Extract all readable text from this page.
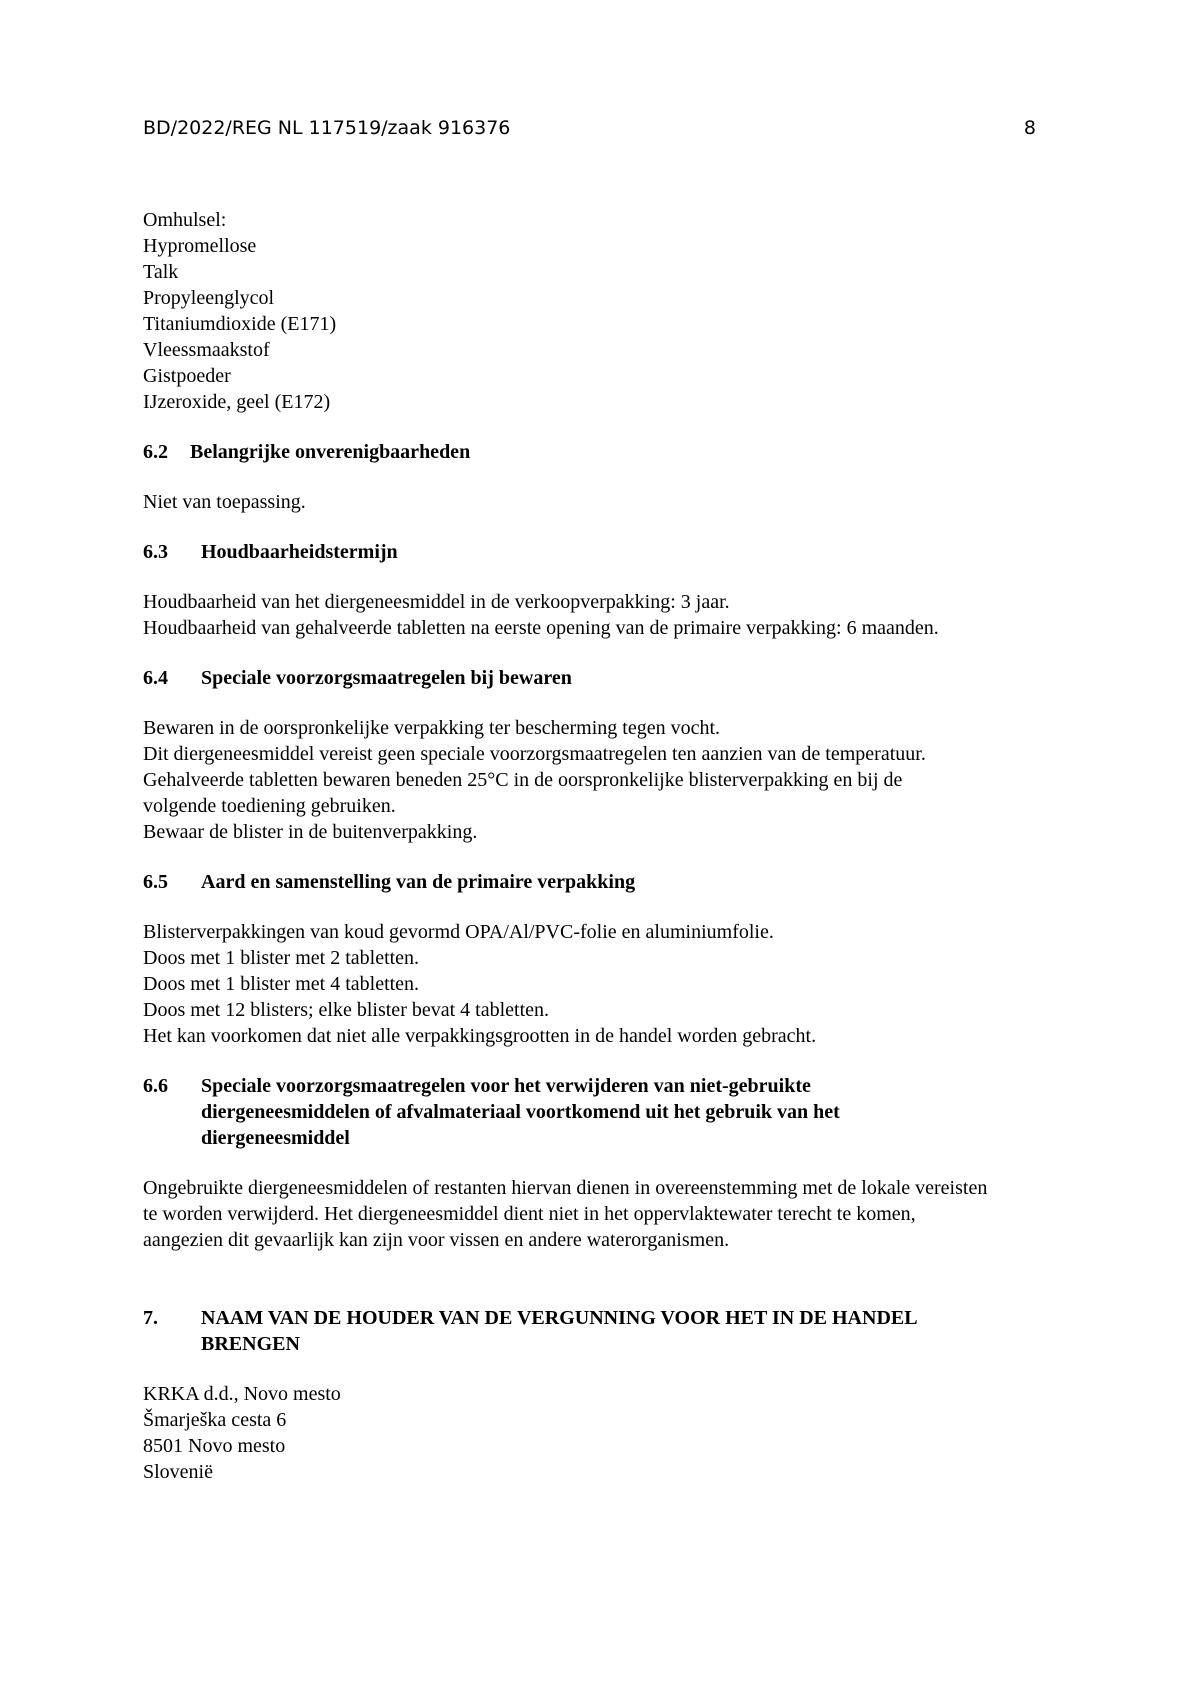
BD/2022/REG NL 117519/zaak 916376	8

Omhulsel:
Hypromellose
Talk
Propyleenglycol
Titaniumdioxide (E171)
Vleessmaakstof
Gistpoeder
IJzeroxide, geel (E172)

6.2	Belangrijke onverenigbaarheden

Niet van toepassing.

6.3	Houdbaarheidstermijn

Houdbaarheid van het diergeneesmiddel in de verkoopverpakking: 3 jaar.
Houdbaarheid van gehalveerde tabletten na eerste opening van de primaire verpakking: 6 maanden.

6.4	Speciale voorzorgsmaatregelen bij bewaren

Bewaren in de oorspronkelijke verpakking ter bescherming tegen vocht.
Dit diergeneesmiddel vereist geen speciale voorzorgsmaatregelen ten aanzien van de temperatuur.
Gehalveerde tabletten bewaren beneden 25°C in de oorspronkelijke blisterverpakking en bij de
volgende toediening gebruiken.
Bewaar de blister in de buitenverpakking.

6.5	Aard en samenstelling van de primaire verpakking

Blisterverpakkingen van koud gevormd OPA/Al/PVC-folie en aluminiumfolie.
Doos met 1 blister met 2 tabletten.
Doos met 1 blister met 4 tabletten.
Doos met 12 blisters; elke blister bevat 4 tabletten.
Het kan voorkomen dat niet alle verpakkingsgrootten in de handel worden gebracht.

6.6	Speciale voorzorgsmaatregelen voor het verwijderen van niet-gebruikte
diergeneesmiddelen of afvalmateriaal voortkomend uit het gebruik van het
diergeneesmiddel

Ongebruikte diergeneesmiddelen of restanten hiervan dienen in overeenstemming met de lokale vereisten
te worden verwijderd. Het diergeneesmiddel dient niet in het oppervlaktewater terecht te komen,
aangezien dit gevaarlijk kan zijn voor vissen en andere waterorganismen.

7.	NAAM VAN DE HOUDER VAN DE VERGUNNING VOOR HET IN DE HANDEL
BRENGEN

KRKA d.d., Novo mesto
Šmarješka cesta 6
8501 Novo mesto
Slovenië
